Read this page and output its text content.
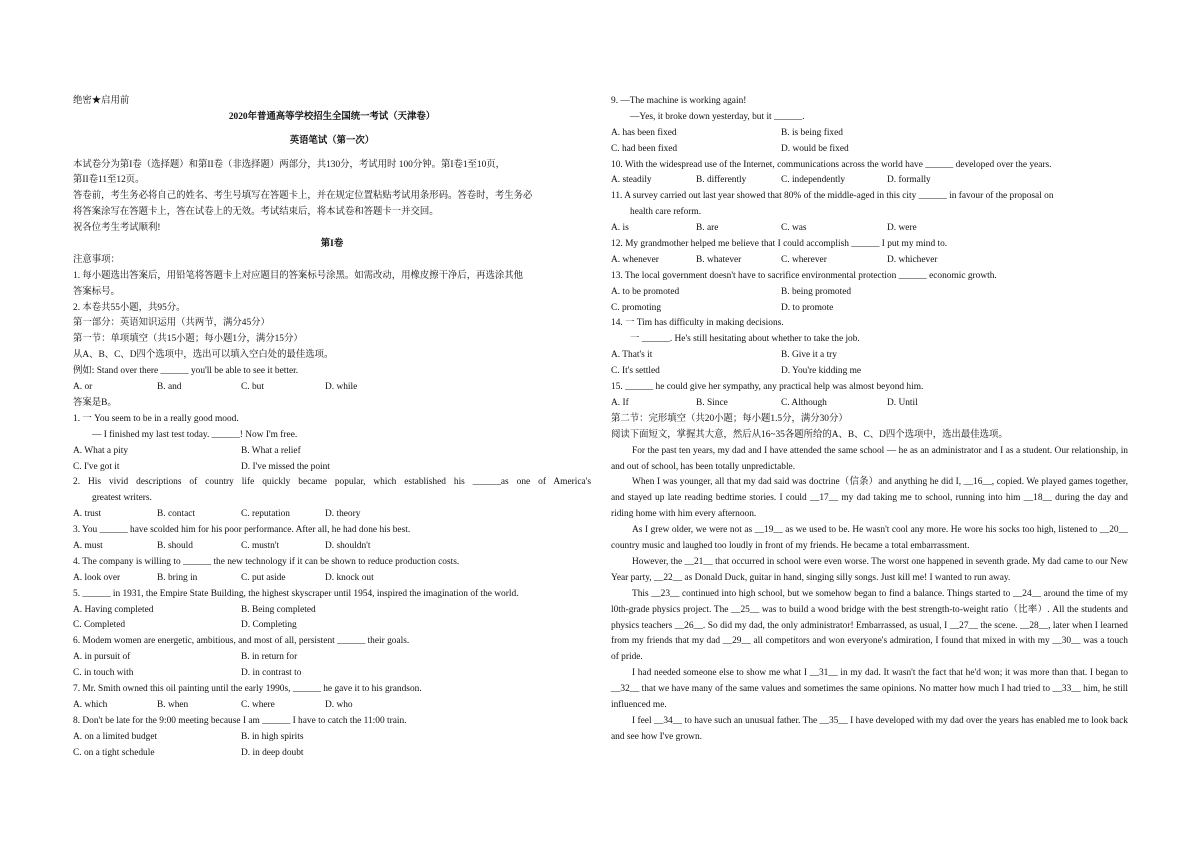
绝密★启用前
2020年普通高等学校招生全国统一考试（天津卷）
英语笔试（第一次）
本试卷分为第I卷（选择题）和第II卷（非选择题）两部分，共130分，考试用时 100分钟。第I卷1至10页，
第II卷11至12页。
答卷前，考生务必将自己的姓名、考生号填写在答题卡上，并在规定位置粘贴考试用条形码。答卷时，考生务必
将答案涂写在答题卡上，答在试卷上的无效。考试结束后，将本试卷和答题卡一并交回。
祝各位考生考试顺利!
第I卷
注意事项：
1. 每小题选出答案后，用铅笔将答题卡上对应题目的答案标号涂黑。如需改动，用橡皮擦干净后，再选涂其他
答案标号。
2. 本卷共55小题，共95分。
第一部分：英语知识运用（共两节，满分45分）
第一节：单项填空（共15小题；每小题1分，满分15分）
从A、B、C、D四个选项中，选出可以填入空白处的最佳选项。
例如: Stand over there ______ you'll be able to see it better.
A. or	B. and	C. but	D. while
答案是B。
1. 一 You seem to be in a really good mood.
— I finished my last test today. ______! Now I'm free.
A. What a pity	B. What a relief
C. I've got it	D. I've missed the point
2. His vivid descriptions of country life quickly became popular, which established his ______as one of America's
greatest writers.
A. trust	B. contact	C. reputation	D. theory
3. You ______ have scolded him for his poor performance. After all, he had done his best.
A. must	B. should	C. mustn't	D. shouldn't
4. The company is willing to ______ the new technology if it can be shown to reduce production costs.
A. look over	B. bring in	C. put aside	D. knock out
5. ______ in 1931, the Empire State Building, the highest skyscraper until 1954, inspired the imagination of the world.
A. Having completed	B. Being completed
C. Completed	D. Completing
6. Modem women are energetic, ambitious, and most of all, persistent ______ their goals.
A. in pursuit of	B. in return for
C. in touch with	D. in contrast to
7. Mr. Smith owned this oil painting until the early 1990s, ______ he gave it to his grandson.
A. which	B. when	C. where	D. who
8. Don't be late for the 9:00 meeting because I am ______ I have to catch the 11:00 train.
A. on a limited budget	B. in high spirits
C. on a tight schedule	D. in deep doubt
9. —The machine is working again!
—Yes, it broke down yesterday, but it ______.
A. has been fixed	B. is being fixed
C. had been fixed	D. would be fixed
10. With the widespread use of the Internet, communications across the world have ______ developed over the years.
A. steadily	B. differently	C. independently	D. formally
11. A survey carried out last year showed that 80% of the middle-aged in this city ______ in favour of the proposal on
health care reform.
A. is	B. are	C. was	D. were
12. My grandmother helped me believe that I could accomplish ______ I put my mind to.
A. whenever	B. whatever	C. wherever	D. whichever
13. The local government doesn't have to sacrifice environmental protection ______ economic growth.
A. to be promoted	B. being promoted
C. promoting	D. to promote
14. 一 Tim has difficulty in making decisions.
一 ______. He's still hesitating about whether to take the job.
A. That's it	B. Give it a try
C. It's settled	D. You're kidding me
15. ______ he could give her sympathy, any practical help was almost beyond him.
A. If	B. Since	C. Although	D. Until
第二节：完形填空（共20小题；每小题1.5分，满分30分）
阅读下面短文，掌握其大意，然后从16~35各题所给的A、B、C、D四个选项中，选出最佳选项。
For the past ten years, my dad and I have attended the same school — he as an administrator and I as a student. Our relationship, in and out of school, has been totally unpredictable.
When I was younger, all that my dad said was doctrine（信条）and anything he did I, __16__, copied. We played games together, and stayed up late reading bedtime stories. I could __17__ my dad taking me to school, running into him __18__ during the day and riding home with him every afternoon.
As I grew older, we were not as __19__ as we used to be. He wasn't cool any more. He wore his socks too high, listened to __20__ country music and laughed too loudly in front of my friends. He became a total embarrassment.
However, the __21__ that occurred in school were even worse. The worst one happened in seventh grade. My dad came to our New Year party, __22__ as Donald Duck, guitar in hand, singing silly songs. Just kill me! I wanted to run away.
This __23__ continued into high school, but we somehow began to find a balance. Things started to __24__ around the time of my l0th-grade physics project. The __25__ was to build a wood bridge with the best strength-to-weight ratio（比率）. All the students and physics teachers __26__. So did my dad, the only administrator! Embarrassed, as usual, I __27__ the scene. __28__, later when I learned from my friends that my dad __29__ all competitors and won everyone's admiration, I found that mixed in with my __30__ was a touch of pride.
I had needed someone else to show me what I __31__ in my dad. It wasn't the fact that he'd won; it was more than that. I began to __32__ that we have many of the same values and sometimes the same opinions. No matter how much I had tried to __33__ him, he still influenced me.
I feel __34__ to have such an unusual father. The __35__ I have developed with my dad over the years has enabled me to look back and see how I've grown.
